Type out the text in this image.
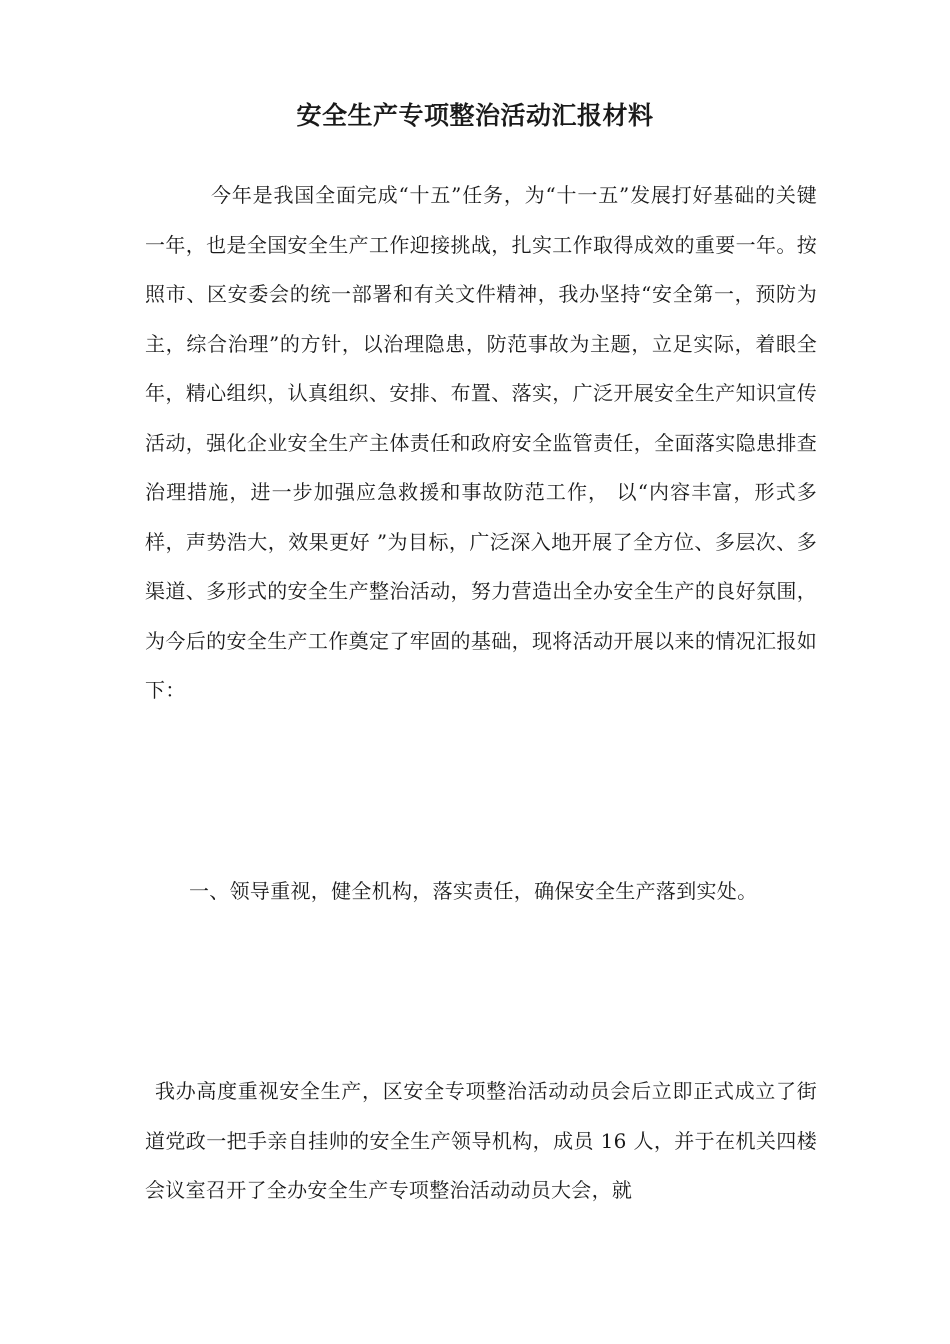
安全生产专项整治活动汇报材料

今年是我国全面完成“十五”任务，为“十一五”发展打好基础的关键一年，也是全国安全生产工作迎接挑战，扎实工作取得成效的重要一年。按照市、区安委会的统一部署和有关文件精神，我办坚持“安全第一，预防为主，综合治理”的方针，以治理隐患，防范事故为主题，立足实际，着眼全年，精心组织，认真组织、安排、布置、落实，广泛开展安全生产知识宣传活动，强化企业安全生产主体责任和政府安全监管责任，全面落实隐患排查治理措施，进一步加强应急救援和事故防范工作， 以“内容丰富，形式多样，声势浩大，效果更好 ”为目标，广泛深入地开展了全方位、多层次、多渠道、多形式的安全生产整治活动，努力营造出全办安全生产的良好氛围，为今后的安全生产工作奠定了牢固的基础，现将活动开展以来的情况汇报如下：

一、领导重视，健全机构，落实责任，确保安全生产落到实处。

我办高度重视安全生产，区安全专项整治活动动员会后立即正式成立了街道党政一把手亲自挂帅的安全生产领导机构，成员 16 人，并于在机关四楼会议室召开了全办安全生产专项整治活动动员大会，就
